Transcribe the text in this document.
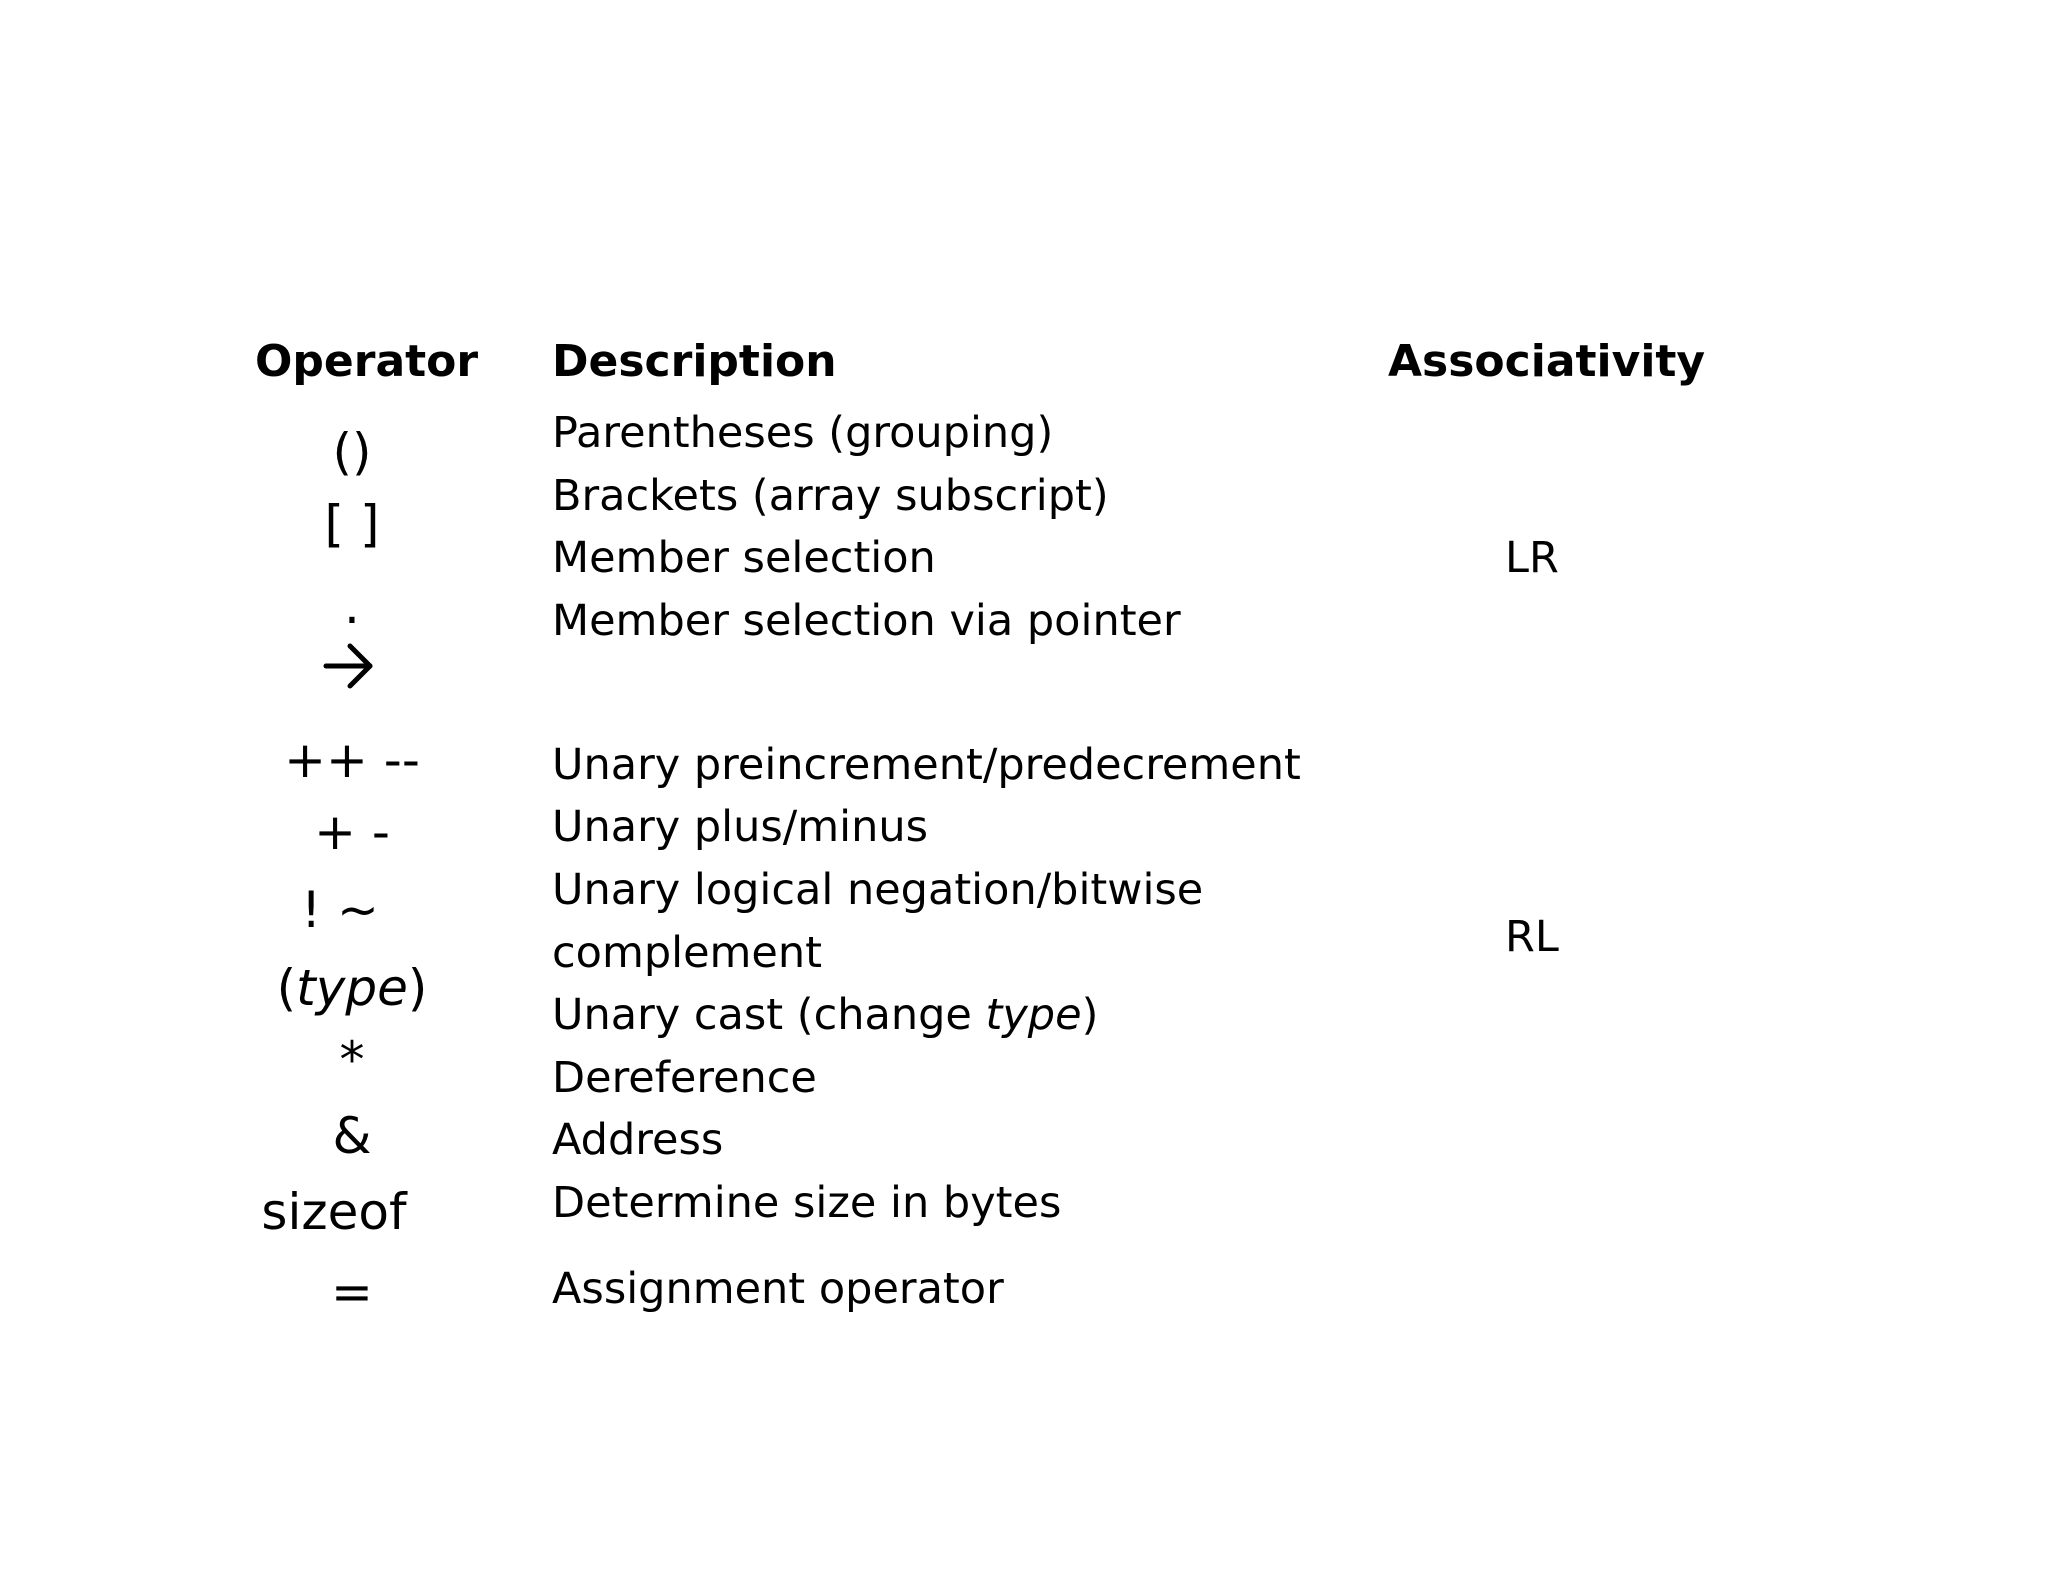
Operator Description	Associativity
()
[ ]
.
++ --
+ -
! ~
(type)
*
&
sizeof
=
Parentheses (grouping)
Brackets (array subscript)
Member selection
Member selection via pointer
Unary preincrement/predecrement
Unary plus/minus
Unary logical negation/bitwise
complement
Unary cast (change type)
Dereference
Address
Determine size in bytes
Assignment operator
LR
RL
